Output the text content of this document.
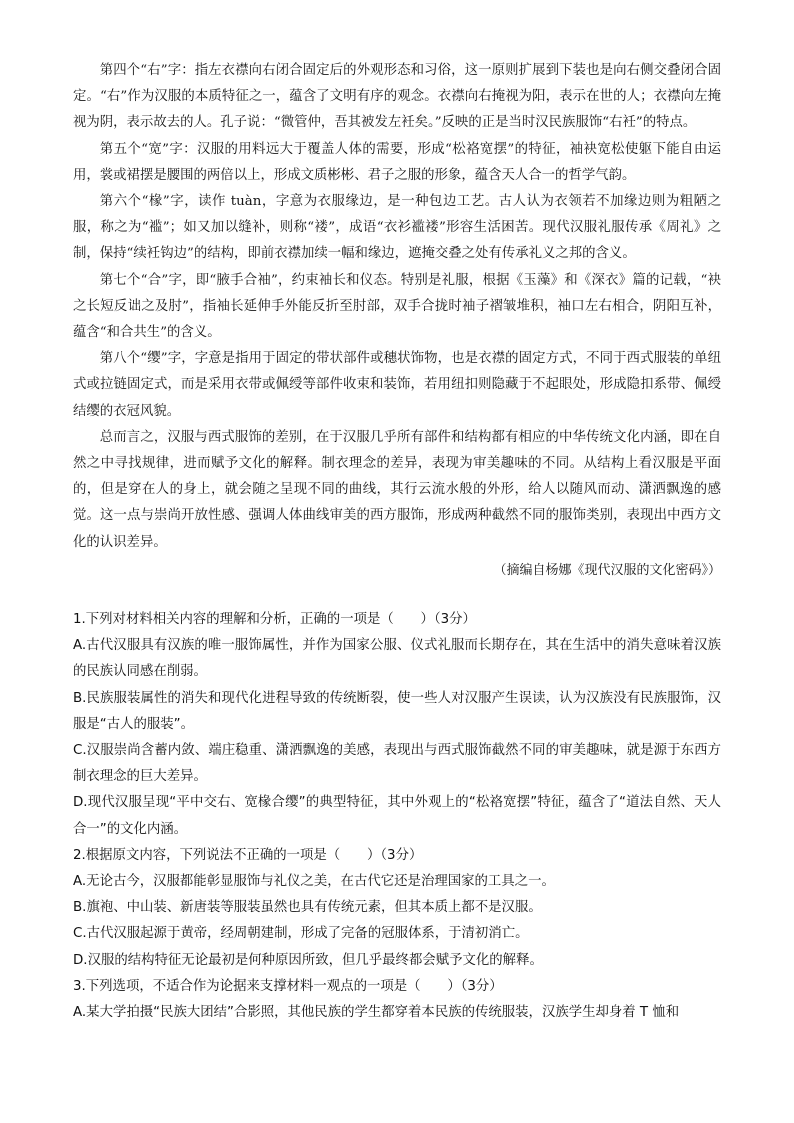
第四个“右”字：指左衣襟向右闭合固定后的外观形态和习俗，这一原则扩展到下装也是向右侧交叠闭合固定。“右”作为汉服的本质特征之一，蕴含了文明有序的观念。衣襟向右掩视为阳，表示在世的人；衣襟向左掩视为阴，表示故去的人。孔子说：“微管仲，吾其被发左衽矣。”反映的正是当时汉民族服饰“右衽”的特点。

第五个“宽”字：汉服的用料远大于覆盖人体的需要，形成“松袼宽摆”的特征，袖袂宽松使躯下能自由运用，裳或裙摆是腰围的两倍以上，形成文质彬彬、君子之服的形象，蕴含天人合一的哲学气韵。

第六个“椽”字，读作 tuàn，字意为衣服缘边，是一种包边工艺。古人认为衣领若不加缘边则为粗陋之服，称之为“褴”；如又加以缝补，则称“褛”，成语“衣衫褴褛”形容生活困苦。现代汉服礼服传承《周礼》之制，保持“续衽钩边”的结构，即前衣襟加续一幅和缘边，遮掩交叠之处有传承礼义之邦的含义。

第七个“合”字，即“腋手合袖”，约束袖长和仪态。特别是礼服，根据《玉藻》和《深衣》篇的记载，“袂之长短反诎之及肘”，指袖长延伸手外能反折至肘部，双手合拢时袖子褶皱堆积，袖口左右相合，阴阳互补，蕴含“和合共生”的含义。

第八个“缨”字，字意是指用于固定的带状部件或穗状饰物，也是衣襟的固定方式，不同于西式服装的单纽式或拉链固定式，而是采用衣带或佩绶等部件收束和装饰，若用纽扣则隐藏于不起眼处，形成隐扣系带、佩绶结缨的衣冠风貌。

总而言之，汉服与西式服饰的差别，在于汉服几乎所有部件和结构都有相应的中华传统文化内涵，即在自然之中寻找规律，进而赋予文化的解释。制衣理念的差异，表现为审美趣味的不同。从结构上看汉服是平面的，但是穿在人的身上，就会随之呈现不同的曲线，其行云流水般的外形，给人以随风而动、潇洒飘逸的感觉。这一点与崇尚开放性感、强调人体曲线审美的西方服饰，形成两种截然不同的服饰类别，表现出中西方文化的认识差异。

（摘编自杨娜《现代汉服的文化密码》）

1.下列对材料相关内容的理解和分析，正确的一项是（　　）（3分）
A.古代汉服具有汉族的唯一服饰属性，并作为国家公服、仪式礼服而长期存在，其在生活中的消失意味着汉族的民族认同感在削弱。
B.民族服装属性的消失和现代化进程导致的传统断裂，使一些人对汉服产生误读，认为汉族没有民族服饰，汉服是“古人的服装”。
C.汉服崇尚含蓄内敛、端庄稳重、潇洒飘逸的美感，表现出与西式服饰截然不同的审美趣味，就是源于东西方制衣理念的巨大差异。
D.现代汉服呈现“平中交右、宽椽合缨”的典型特征，其中外观上的“松袼宽摆”特征，蕴含了“道法自然、天人合一”的文化内涵。
2.根据原文内容，下列说法不正确的一项是（　　）（3分）
A.无论古今，汉服都能彰显服饰与礼仪之美，在古代它还是治理国家的工具之一。
B.旗袍、中山装、新唐装等服装虽然也具有传统元素，但其本质上都不是汉服。
C.古代汉服起源于黄帝，经周朝建制，形成了完备的冠服体系，于清初消亡。
D.汉服的结构特征无论最初是何种原因所致，但几乎最终都会赋予文化的解释。
3.下列选项，不适合作为论据来支撑材料一观点的一项是（　　）（3分）
A.某大学拍摄“民族大团结”合影照，其他民族的学生都穿着本民族的传统服装，汉族学生却身着 T 恤和
